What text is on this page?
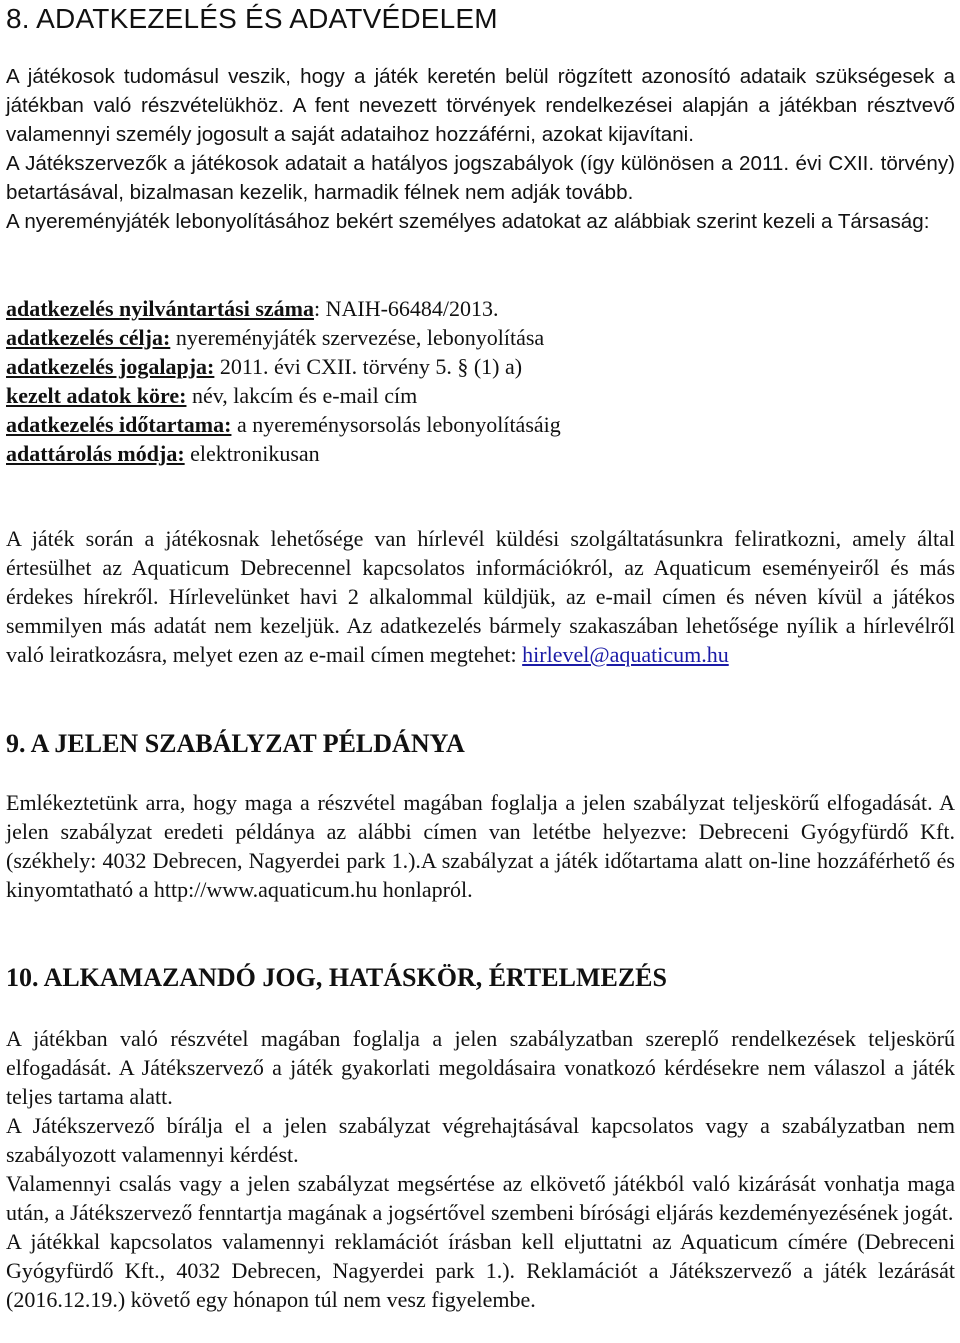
8. ADATKEZELÉS ÉS ADATVÉDELEM

A játékosok tudomásul veszik, hogy a játék keretén belül rögzített azonosító adataik szükségesek a játékban való részvételükhöz. A fent nevezett törvények rendelkezései alapján a játékban résztvevő valamennyi személy jogosult a saját adataihoz hozzáférni, azokat kijavítani.

A Játékszervezők a játékosok adatait a hatályos jogszabályok (így különösen a 2011. évi CXII. törvény) betartásával, bizalmasan kezelik, harmadik félnek nem adják tovább.

A nyereményjáték lebonyolításához bekért személyes adatokat az alábbiak szerint kezeli a Társaság:

adatkezelés nyilvántartási száma: NAIH-66484/2013.

adatkezelés célja: nyereményjáték szervezése, lebonyolítása

adatkezelés jogalapja: 2011. évi CXII. törvény 5. § (1) a)

kezelt adatok köre: név, lakcím és e-mail cím

adatkezelés időtartama: a nyereménysorsolás lebonyolításáig

adattárolás módja: elektronikusan

A játék során a játékosnak lehetősége van hírlevél küldési szolgáltatásunkra feliratkozni, amely által értesülhet az Aquaticum Debrecennel kapcsolatos információkról, az Aquaticum eseményeiről és más érdekes hírekről. Hírlevelünket havi 2 alkalommal küldjük, az e-mail címen és néven kívül a játékos semmilyen más adatát nem kezeljük. Az adatkezelés bármely szakaszában lehetősége nyílik a hírlevélről való leiratkozásra, melyet ezen az e-mail címen megtehet: hirlevel@aquaticum.hu

9. A JELEN SZABÁLYZAT PÉLDÁNYA

Emlékeztetünk arra, hogy maga a részvétel magában foglalja a jelen szabályzat teljeskörű elfogadását. A jelen szabályzat eredeti példánya az alábbi címen van letétbe helyezve: Debreceni Gyógyfürdő Kft. (székhely: 4032 Debrecen, Nagyerdei park 1.).A szabályzat a játék időtartama alatt on-line hozzáférhető és kinyomtatható a http://www.aquaticum.hu honlapról.

10. ALKAMAZANDÓ JOG, HATÁSKÖR, ÉRTELMEZÉS

A játékban való részvétel magában foglalja a jelen szabályzatban szereplő rendelkezések teljeskörű elfogadását. A Játékszervező a játék gyakorlati megoldásaira vonatkozó kérdésekre nem válaszol a játék teljes tartama alatt.

A Játékszervező bírálja el a jelen szabályzat végrehajtásával kapcsolatos vagy a szabályzatban nem szabályozott valamennyi kérdést.

Valamennyi csalás vagy a jelen szabályzat megsértése az elkövető játékból való kizárását vonhatja maga után, a Játékszervező fenntartja magának a jogsértővel szembeni bírósági eljárás kezdeményezésének jogát.

A játékkal kapcsolatos valamennyi reklamációt írásban kell eljuttatni az Aquaticum címére (Debreceni Gyógyfürdő Kft., 4032 Debrecen, Nagyerdei park 1.). Reklamációt a Játékszervező a játék lezárását (2016.12.19.) követő egy hónapon túl nem vesz figyelembe.
